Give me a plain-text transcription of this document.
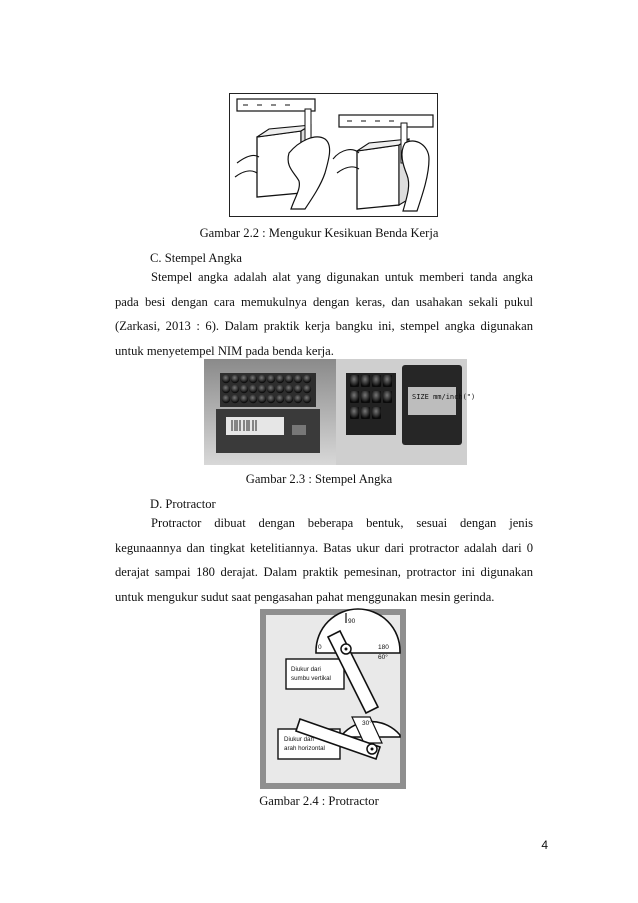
Gambar 2.2 : Mengukur Kesikuan Benda Kerja
C. Stempel Angka
Stempel angka adalah alat yang digunakan untuk memberi tanda angka pada besi dengan cara memukulnya dengan keras, dan usahakan sekali pukul (Zarkasi, 2013 : 6). Dalam praktik kerja bangku ini, stempel angka digunakan untuk menyetempel NIM pada benda kerja.
SIZE mm/inch(")
Gambar 2.3 : Stempel Angka
D. Protractor
Protractor dibuat dengan beberapa bentuk, sesuai dengan jenis kegunaannya dan tingkat ketelitiannya. Batas ukur dari protractor adalah dari 0 derajat sampai 180 derajat. Dalam praktik pemesinan, protractor ini digunakan untuk mengukur sudut saat pengasahan pahat menggunakan mesin gerinda.
90
0	180
60°
Diukur dari
sumbu vertikal
30°
Diukur dari
arah horizontal
Gambar 2.4 : Protractor
4
